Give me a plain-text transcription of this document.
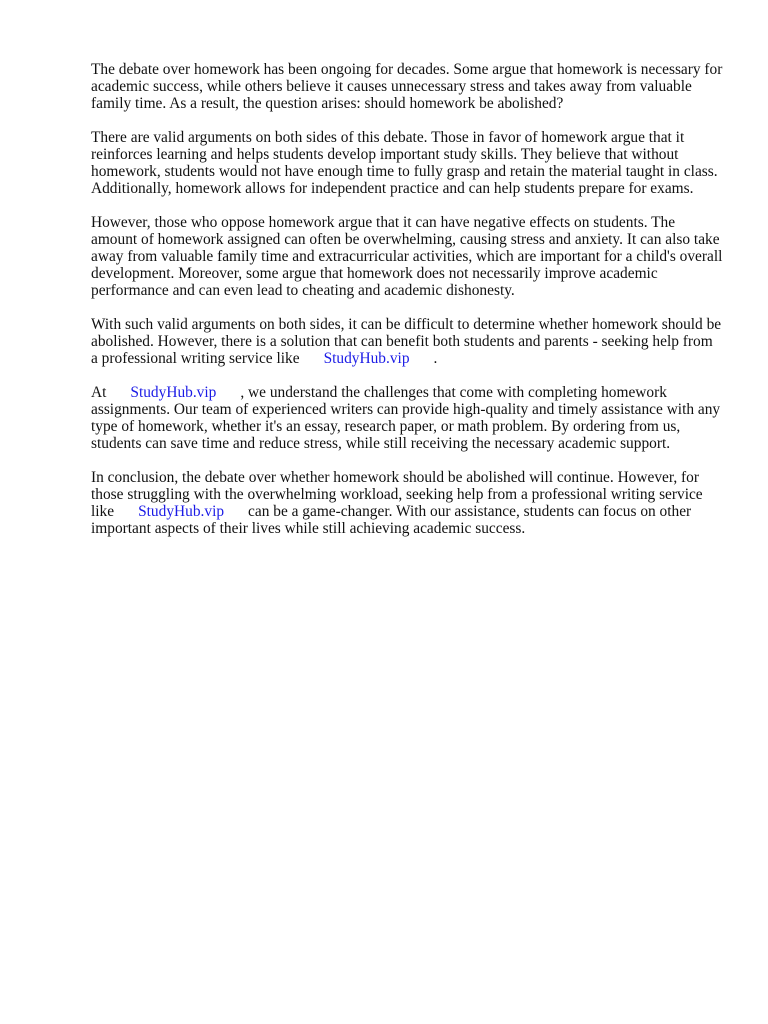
The debate over homework has been ongoing for decades. Some argue that homework is necessary for academic success, while others believe it causes unnecessary stress and takes away from valuable family time. As a result, the question arises: should homework be abolished?

There are valid arguments on both sides of this debate. Those in favor of homework argue that it reinforces learning and helps students develop important study skills. They believe that without homework, students would not have enough time to fully grasp and retain the material taught in class. Additionally, homework allows for independent practice and can help students prepare for exams.

However, those who oppose homework argue that it can have negative effects on students. The amount of homework assigned can often be overwhelming, causing stress and anxiety. It can also take away from valuable family time and extracurricular activities, which are important for a child's overall development. Moreover, some argue that homework does not necessarily improve academic performance and can even lead to cheating and academic dishonesty.

With such valid arguments on both sides, it can be difficult to determine whether homework should be abolished. However, there is a solution that can benefit both students and parents - seeking help from a professional writing service like StudyHub.vip .

At StudyHub.vip , we understand the challenges that come with completing homework assignments. Our team of experienced writers can provide high-quality and timely assistance with any type of homework, whether it's an essay, research paper, or math problem. By ordering from us, students can save time and reduce stress, while still receiving the necessary academic support.

In conclusion, the debate over whether homework should be abolished will continue. However, for those struggling with the overwhelming workload, seeking help from a professional writing service like StudyHub.vip can be a game-changer. With our assistance, students can focus on other important aspects of their lives while still achieving academic success.
